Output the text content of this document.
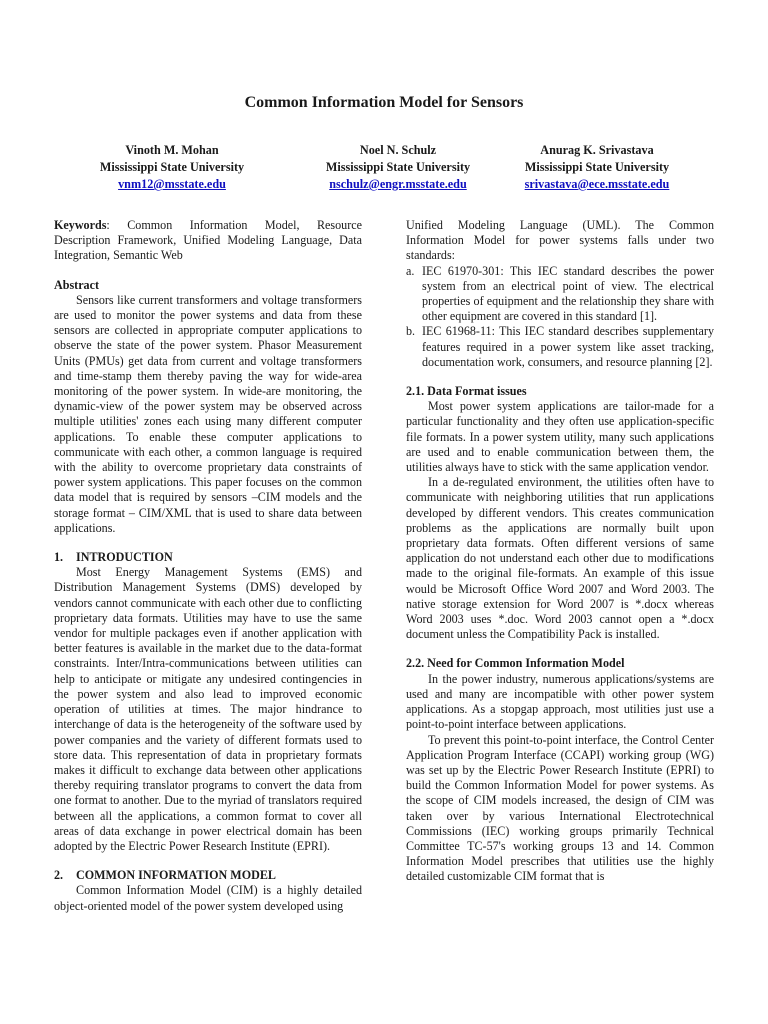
Common Information Model for Sensors
Vinoth M. Mohan
Mississippi State University
vnm12@msstate.edu
Noel N. Schulz
Mississippi State University
nschulz@engr.msstate.edu
Anurag K. Srivastava
Mississippi State University
srivastava@ece.msstate.edu

Keywords: Common Information Model, Resource Description Framework, Unified Modeling Language, Data Integration, Semantic Web

Abstract

Sensors like current transformers and voltage transformers are used to monitor the power systems and data from these sensors are collected in appropriate computer applications to observe the state of the power system. Phasor Measurement Units (PMUs) get data from current and voltage transformers and time-stamp them thereby paving the way for wide-area monitoring of the power system. In wide-are monitoring, the dynamic-view of the power system may be observed across multiple utilities' zones each using many different computer applications. To enable these computer applications to communicate with each other, a common language is required with the ability to overcome proprietary data constraints of power system applications. This paper focuses on the common data model that is required by sensors –CIM models and the storage format – CIM/XML that is used to share data between applications.

1.	INTRODUCTION

Most Energy Management Systems (EMS) and Distribution Management Systems (DMS) developed by vendors cannot communicate with each other due to conflicting proprietary data formats. Utilities may have to use the same vendor for multiple packages even if another application with better features is available in the market due to the data-format constraints. Inter/Intra-communications between utilities can help to anticipate or mitigate any undesired contingencies in the power system and also lead to improved economic operation of utilities at times. The major hindrance to interchange of data is the heterogeneity of the software used by power companies and the variety of different formats used to store data. This representation of data in proprietary formats makes it difficult to exchange data between other applications thereby requiring translator programs to convert the data from one format to another. Due to the myriad of translators required between all the applications, a common format to cover all areas of data exchange in power electrical domain has been adopted by the Electric Power Research Institute (EPRI).

2.	COMMON INFORMATION MODEL

Common Information Model (CIM) is a highly detailed object-oriented model of the power system developed using

Unified Modeling Language (UML). The Common Information Model for power systems falls under two standards:

a. IEC 61970-301: This IEC standard describes the power system from an electrical point of view. The electrical properties of equipment and the relationship they share with other equipment are covered in this standard [1].
b. IEC 61968-11: This IEC standard describes supplementary features required in a power system like asset tracking, documentation work, consumers, and resource planning [2].
2.1. Data Format issues

Most power system applications are tailor-made for a particular functionality and they often use application-specific file formats. In a power system utility, many such applications are used and to enable communication between them, the utilities always have to stick with the same application vendor.

In a de-regulated environment, the utilities often have to communicate with neighboring utilities that run applications developed by different vendors. This creates communication problems as the applications are normally built upon proprietary data formats. Often different versions of same application do not understand each other due to modifications made to the original file-formats. An example of this issue would be Microsoft Office Word 2007 and Word 2003. The native storage extension for Word 2007 is *.docx whereas Word 2003 uses *.doc. Word 2003 cannot open a *.docx document unless the Compatibility Pack is installed.

2.2. Need for Common Information Model

In the power industry, numerous applications/systems are used and many are incompatible with other power system applications. As a stopgap approach, most utilities just use a point-to-point interface between applications.

To prevent this point-to-point interface, the Control Center Application Program Interface (CCAPI) working group (WG) was set up by the Electric Power Research Institute (EPRI) to build the Common Information Model for power systems. As the scope of CIM models increased, the design of CIM was taken over by various International Electrotechnical Commissions (IEC) working groups primarily Technical Committee TC-57's working groups 13 and 14. Common Information Model prescribes that utilities use the highly detailed customizable CIM format that is
